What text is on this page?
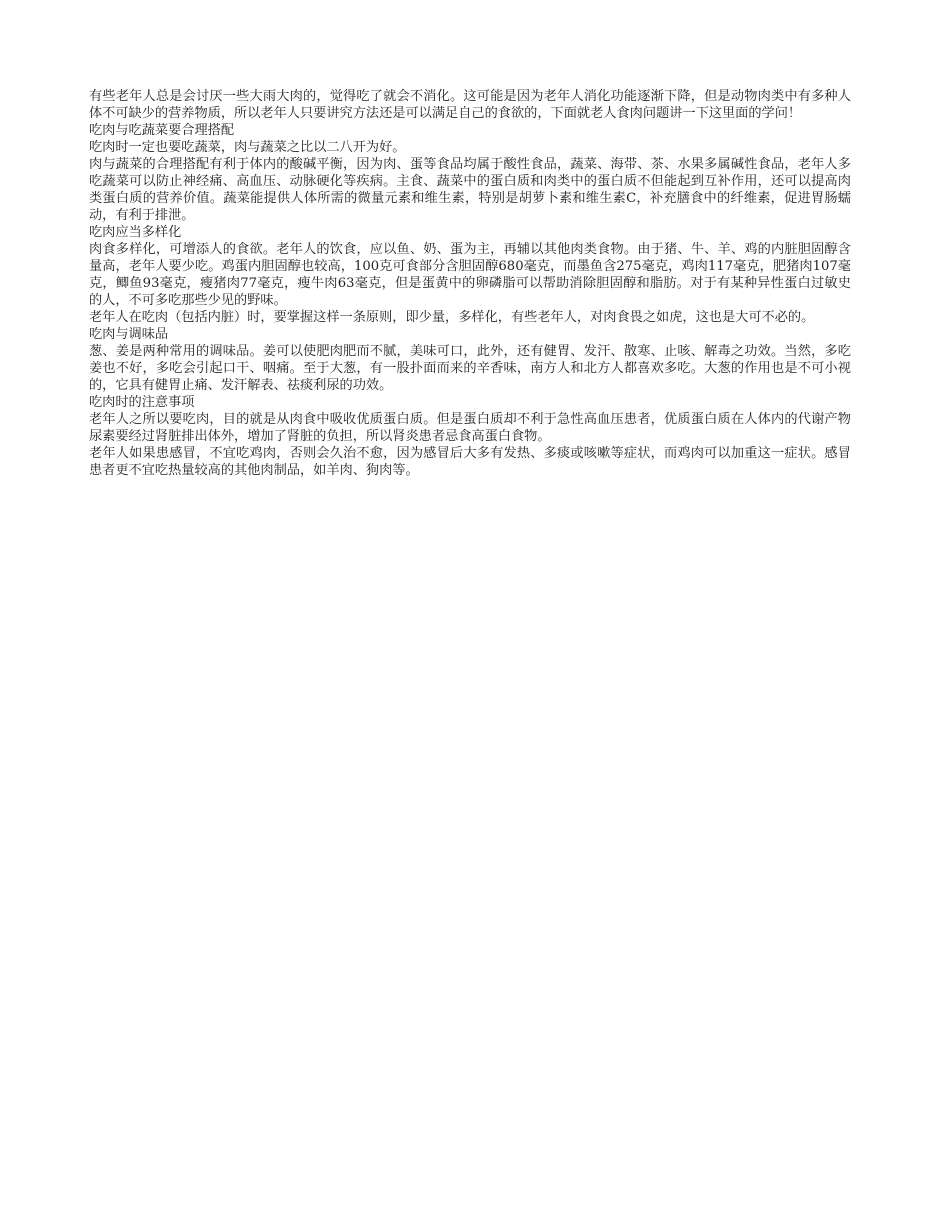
有些老年人总是会讨厌一些大雨大肉的，觉得吃了就会不消化。这可能是因为老年人消化功能逐渐下降，但是动物肉类中有多种人体不可缺少的营养物质，所以老年人只要讲究方法还是可以满足自己的食欲的，下面就老人食肉问题讲一下这里面的学问！

吃肉与吃蔬菜要合理搭配

吃肉时一定也要吃蔬菜，肉与蔬菜之比以二八开为好。

肉与蔬菜的合理搭配有利于体内的酸碱平衡，因为肉、蛋等食品均属于酸性食品，蔬菜、海带、茶、水果多属碱性食品，老年人多吃蔬菜可以防止神经痛、高血压、动脉硬化等疾病。主食、蔬菜中的蛋白质和肉类中的蛋白质不但能起到互补作用，还可以提高肉类蛋白质的营养价值。蔬菜能提供人体所需的微量元素和维生素，特别是胡萝卜素和维生素C，补充膳食中的纤维素，促进胃肠蠕动，有利于排泄。

吃肉应当多样化

肉食多样化，可增添人的食欲。老年人的饮食，应以鱼、奶、蛋为主，再辅以其他肉类食物。由于猪、牛、羊、鸡的内脏胆固醇含量高，老年人要少吃。鸡蛋内胆固醇也较高，100克可食部分含胆固醇680毫克，而墨鱼含275毫克，鸡肉117毫克，肥猪肉107毫克，鲫鱼93毫克，瘦猪肉77毫克，瘦牛肉63毫克，但是蛋黄中的卵磷脂可以帮助消除胆固醇和脂肪。对于有某种异性蛋白过敏史的人，不可多吃那些少见的野味。

老年人在吃肉（包括内脏）时，要掌握这样一条原则，即少量，多样化，有些老年人，对肉食畏之如虎，这也是大可不必的。

吃肉与调味品

葱、姜是两种常用的调味品。姜可以使肥肉肥而不腻，美味可口，此外，还有健胃、发汗、散寒、止咳、解毒之功效。当然，多吃姜也不好，多吃会引起口干、咽痛。至于大葱，有一股扑面而来的辛香味，南方人和北方人都喜欢多吃。大葱的作用也是不可小视的，它具有健胃止痛、发汗解表、祛痰利尿的功效。

吃肉时的注意事项

老年人之所以要吃肉，目的就是从肉食中吸收优质蛋白质。但是蛋白质却不利于急性高血压患者，优质蛋白质在人体内的代谢产物尿素要经过肾脏排出体外，增加了肾脏的负担，所以肾炎患者忌食高蛋白食物。

老年人如果患感冒，不宜吃鸡肉，否则会久治不愈，因为感冒后大多有发热、多痰或咳嗽等症状，而鸡肉可以加重这一症状。感冒患者更不宜吃热量较高的其他肉制品，如羊肉、狗肉等。
